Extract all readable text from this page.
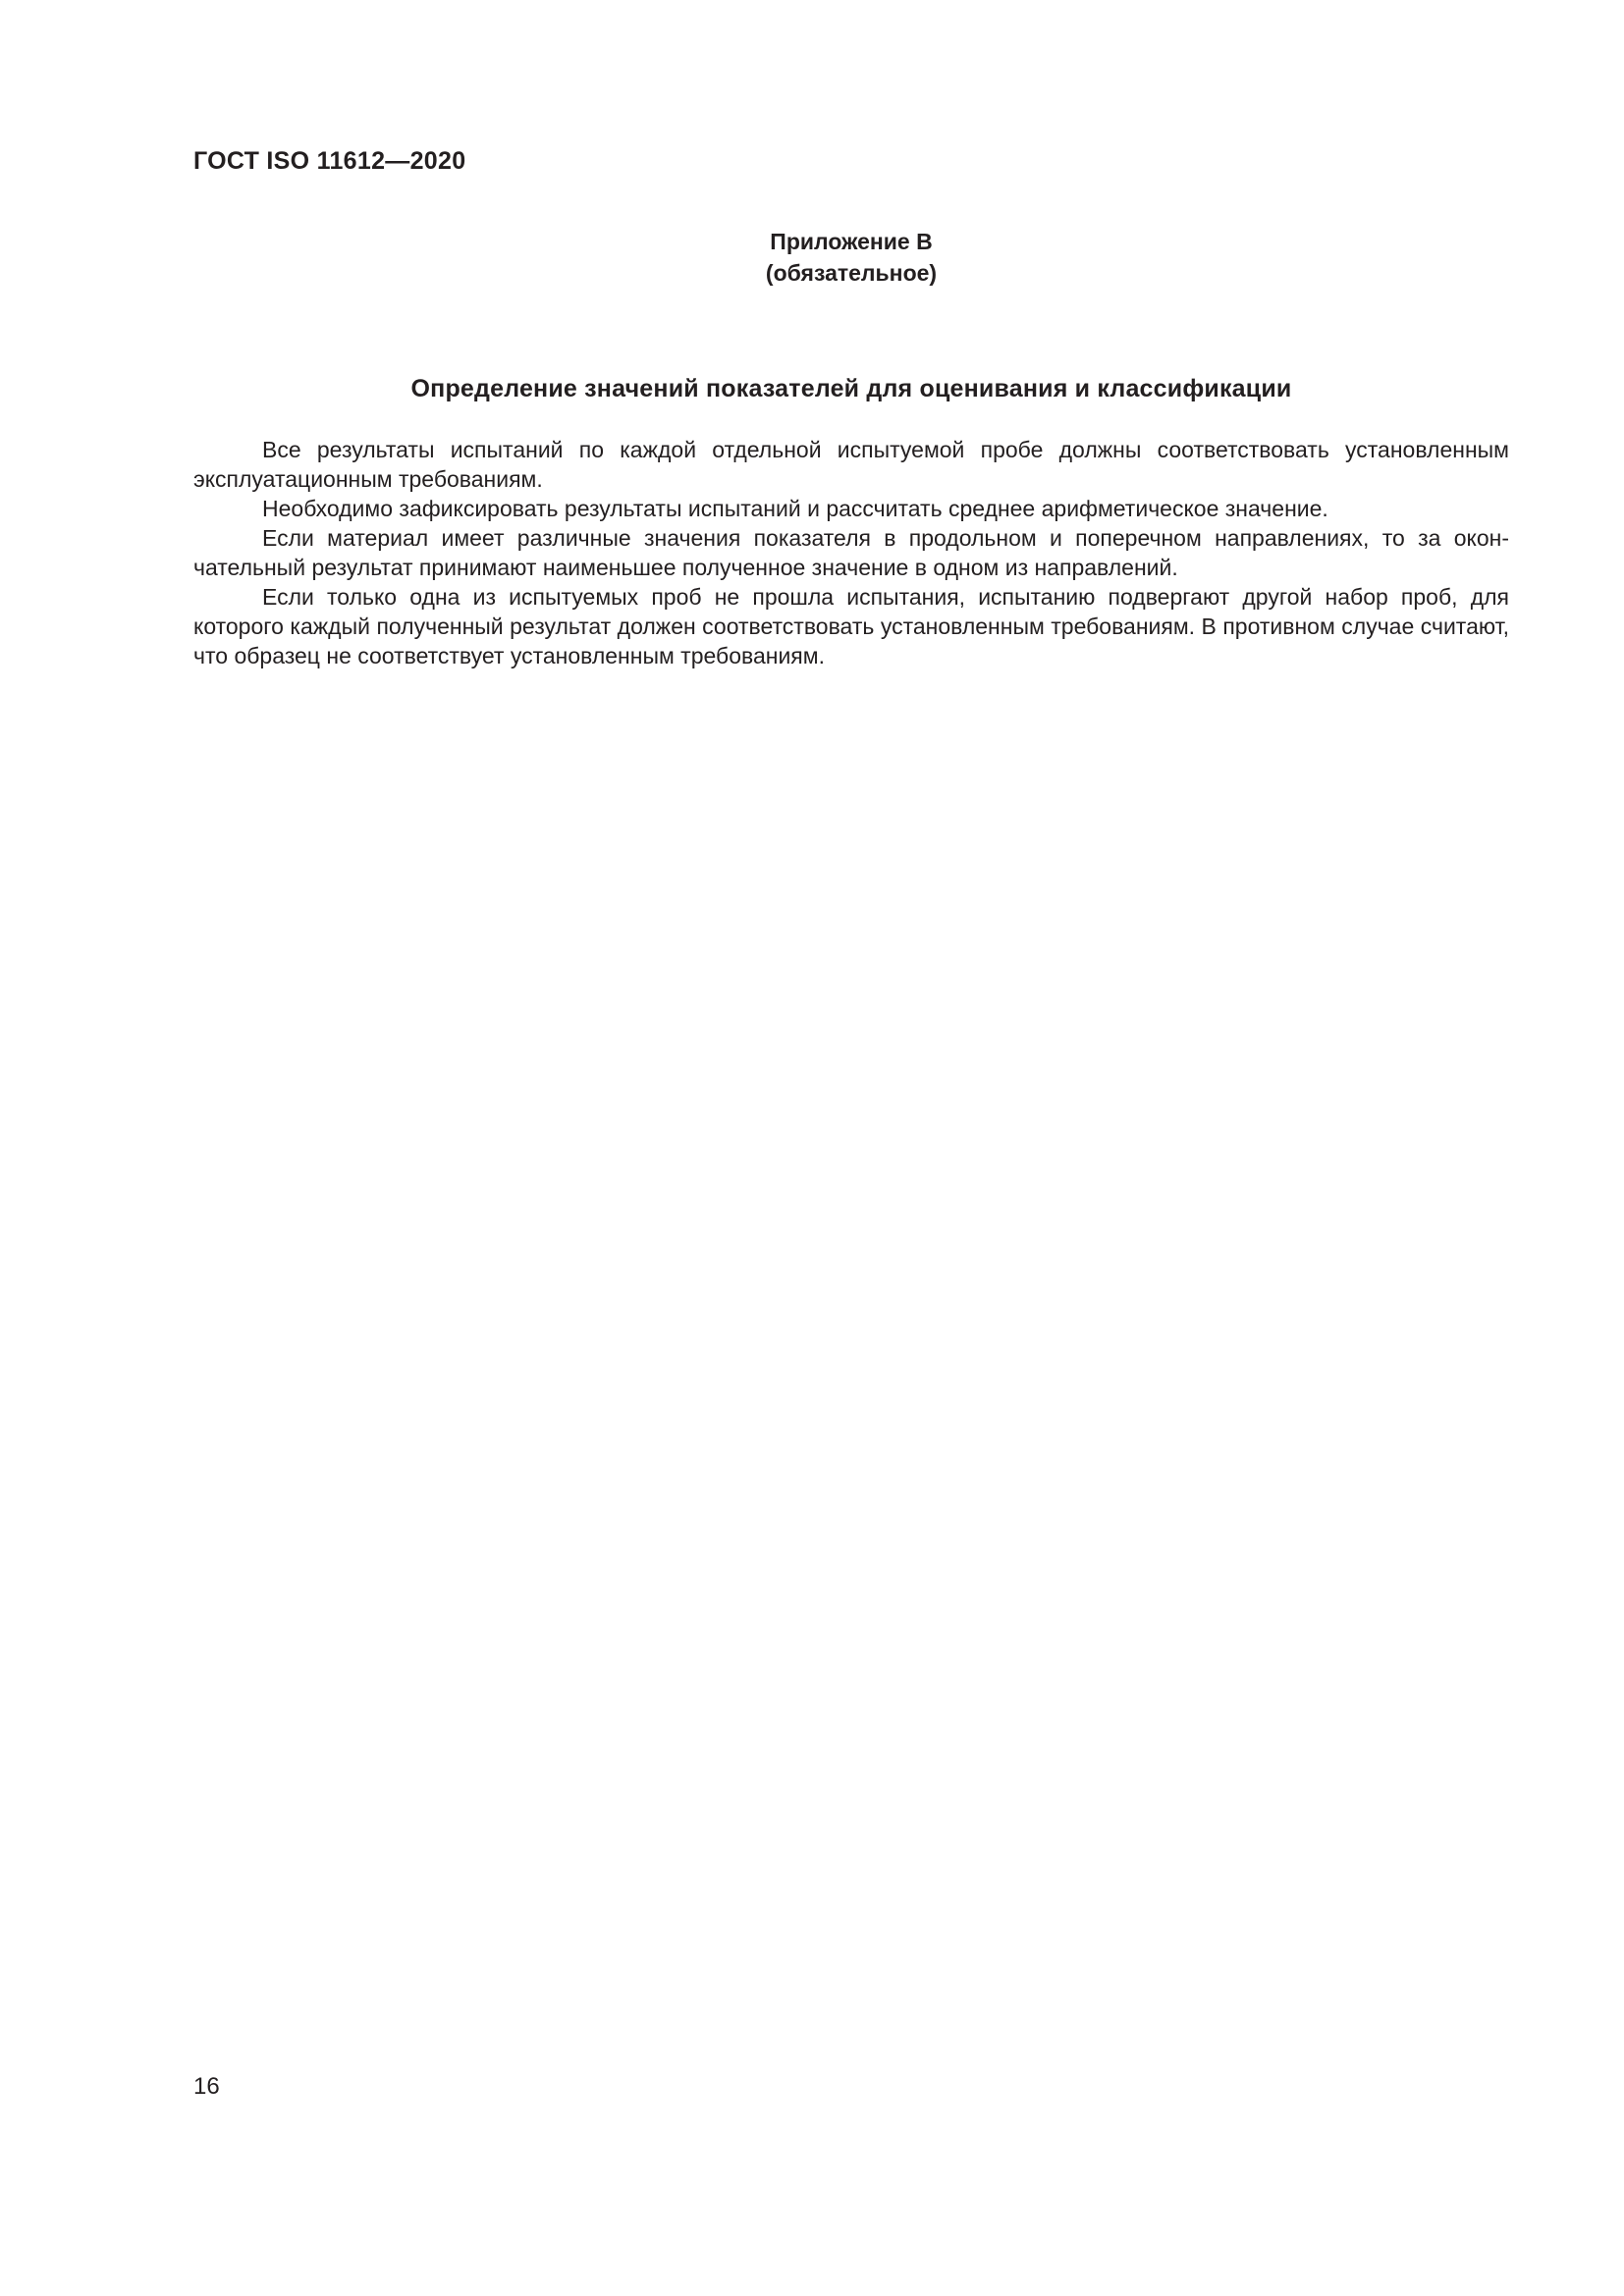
ГОСТ ISO 11612—2020
Приложение В
(обязательное)
Определение значений показателей для оценивания и классификации

Все результаты испытаний по каждой отдельной испытуемой пробе должны соответствовать установленным эксплуатационным требованиям.

Необходимо зафиксировать результаты испытаний и рассчитать среднее арифметическое значение.

Если материал имеет различные значения показателя в продольном и поперечном направлениях, то за окончательный результат принимают наименьшее полученное значение в одном из направлений.

Если только одна из испытуемых проб не прошла испытания, испытанию подвергают другой набор проб, для которого каждый полученный результат должен соответствовать установленным требованиям. В противном случае считают, что образец не соответствует установленным требованиям.

16
